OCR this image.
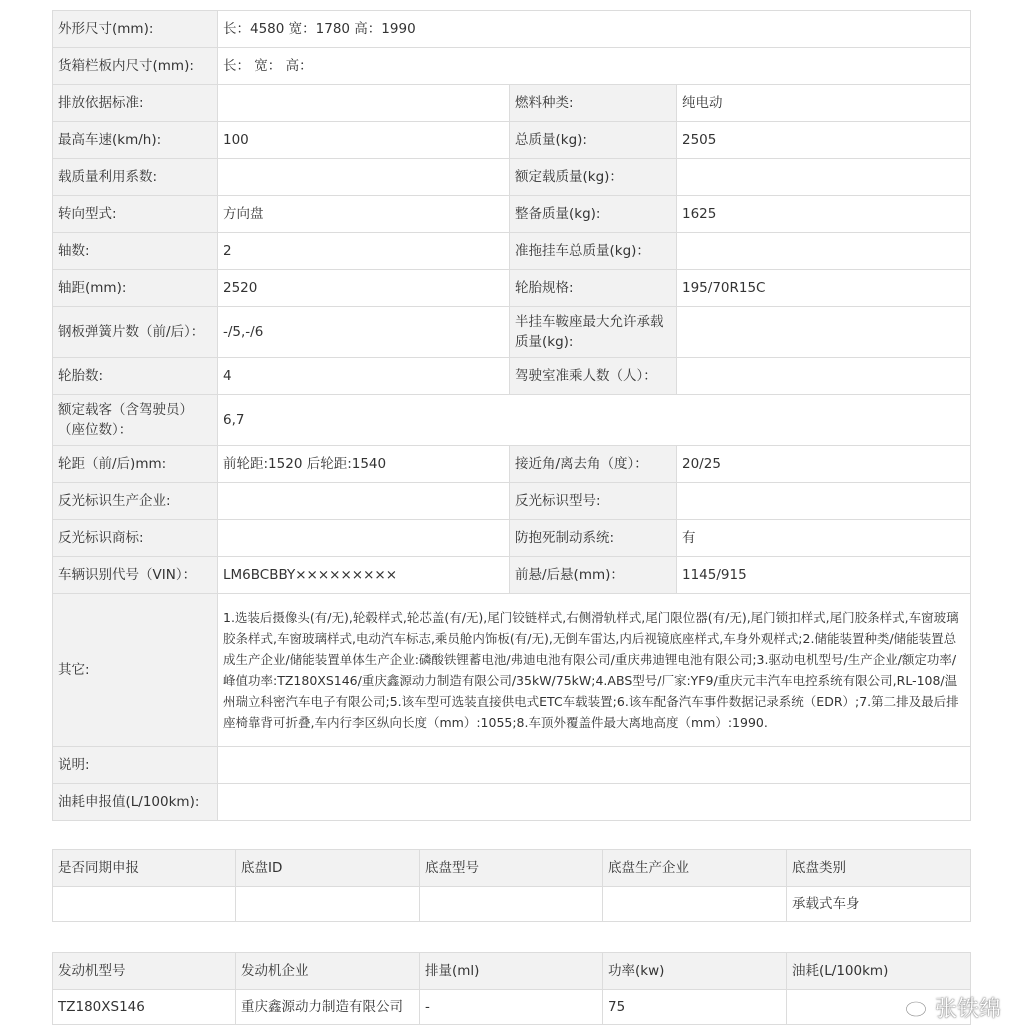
外形尺寸(mm):	长：4580 宽：1780 高：1990		
货箱栏板内尺寸(mm):	长： 宽： 高：		
排放依据标准:		燃料种类:	纯电动
最高车速(km/h):	100	总质量(kg):	2505
载质量利用系数:		额定载质量(kg)：	
转向型式:	方向盘	整备质量(kg):	1625
轴数:	2	准拖挂车总质量(kg)：	
轴距(mm):	2520	轮胎规格:	195/70R15C
钢板弹簧片数（前/后）：	-/5,-/6	半挂车鞍座最大允许承载质量(kg):	
轮胎数:	4	驾驶室准乘人数（人）：	
额定载客（含驾驶员）（座位数）：	6,7		
轮距（前/后)mm:	前轮距:1520 后轮距:1540	接近角/离去角（度）：	20/25
反光标识生产企业:		反光标识型号:	
反光标识商标:		防抱死制动系统:	有
车辆识别代号（VIN）：	LM6BCBBY×××××××××	前悬/后悬(mm)：	1145/915
其它:	1.选装后摄像头(有/无),轮毂样式,轮芯盖(有/无),尾门铰链样式,右侧滑轨样式,尾门限位器(有/无),尾门锁扣样式,尾门胶条样式,车窗玻璃胶条样式,车窗玻璃样式,电动汽车标志,乘员舱内饰板(有/无),无倒车雷达,内后视镜底座样式,车身外观样式;2.储能装置种类/储能装置总成生产企业/储能装置单体生产企业:磷酸铁锂蓄电池/弗迪电池有限公司/重庆弗迪锂电池有限公司;3.驱动电机型号/生产企业/额定功率/峰值功率:TZ180XS146/重庆鑫源动力制造有限公司/35kW/75kW;4.ABS型号/厂家:YF9/重庆元丰汽车电控系统有限公司,RL-108/温州瑞立科密汽车电子有限公司;5.该车型可选装直接供电式ETC车载装置;6.该车配备汽车事件数据记录系统（EDR）;7.第二排及最后排座椅靠背可折叠,车内行李区纵向长度（mm）:1055;8.车顶外覆盖件最大离地高度（mm）:1990.		
说明:			
油耗申报值(L/100km):			
是否同期申报	底盘ID	底盘型号	底盘生产企业	底盘类别
				承载式车身
发动机型号	发动机企业	排量(ml)	功率(kw)	油耗(L/100km)
TZ180XS146	重庆鑫源动力制造有限公司	-	75		张铁绵
